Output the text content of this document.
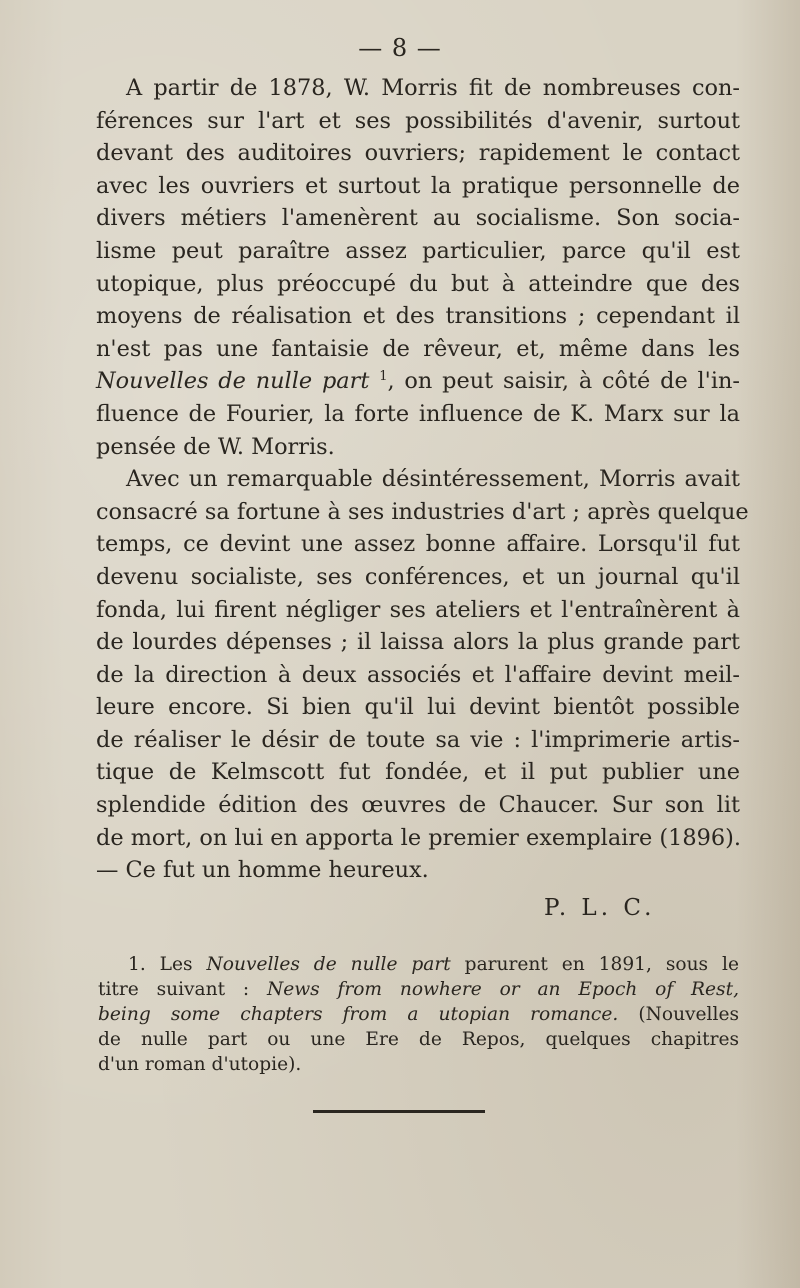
— 8 —
A partir de 1878, W. Morris fit de nombreuses con-
férences sur l'art et ses possibilités d'avenir, surtout
devant des auditoires ouvriers; rapidement le contact
avec les ouvriers et surtout la pratique personnelle de
divers métiers l'amenèrent au socialisme. Son socia-
lisme peut paraître assez particulier, parce qu'il est
utopique, plus préoccupé du but à atteindre que des
moyens de réalisation et des transitions ; cependant il
n'est pas une fantaisie de rêveur, et, même dans les
Nouvelles de nulle part $^1$, on peut saisir, à côté de l'in-
fluence de Fourier, la forte influence de K. Marx sur la
pensée de W. Morris.
Avec un remarquable désintéressement, Morris avait
consacré sa fortune à ses industries d'art ; après quelque
temps, ce devint une assez bonne affaire. Lorsqu'il fut
devenu socialiste, ses conférences, et un journal qu'il
fonda, lui firent négliger ses ateliers et l'entraînèrent à
de lourdes dépenses ; il laissa alors la plus grande part
de la direction à deux associés et l'affaire devint meil-
leure encore. Si bien qu'il lui devint bientôt possible
de réaliser le désir de toute sa vie : l'imprimerie artis-
tique de Kelmscott fut fondée, et il put publier une
splendide édition des œuvres de Chaucer. Sur son lit
de mort, on lui en apporta le premier exemplaire (1896).
— Ce fut un homme heureux.
P. L. C.
1. Les Nouvelles de nulle part parurent en 1891, sous le
titre suivant : News from nowhere or an Epoch of Rest,
being some chapters from a utopian romance. (Nouvelles
de nulle part ou une Ere de Repos, quelques chapitres
d'un roman d'utopie).
